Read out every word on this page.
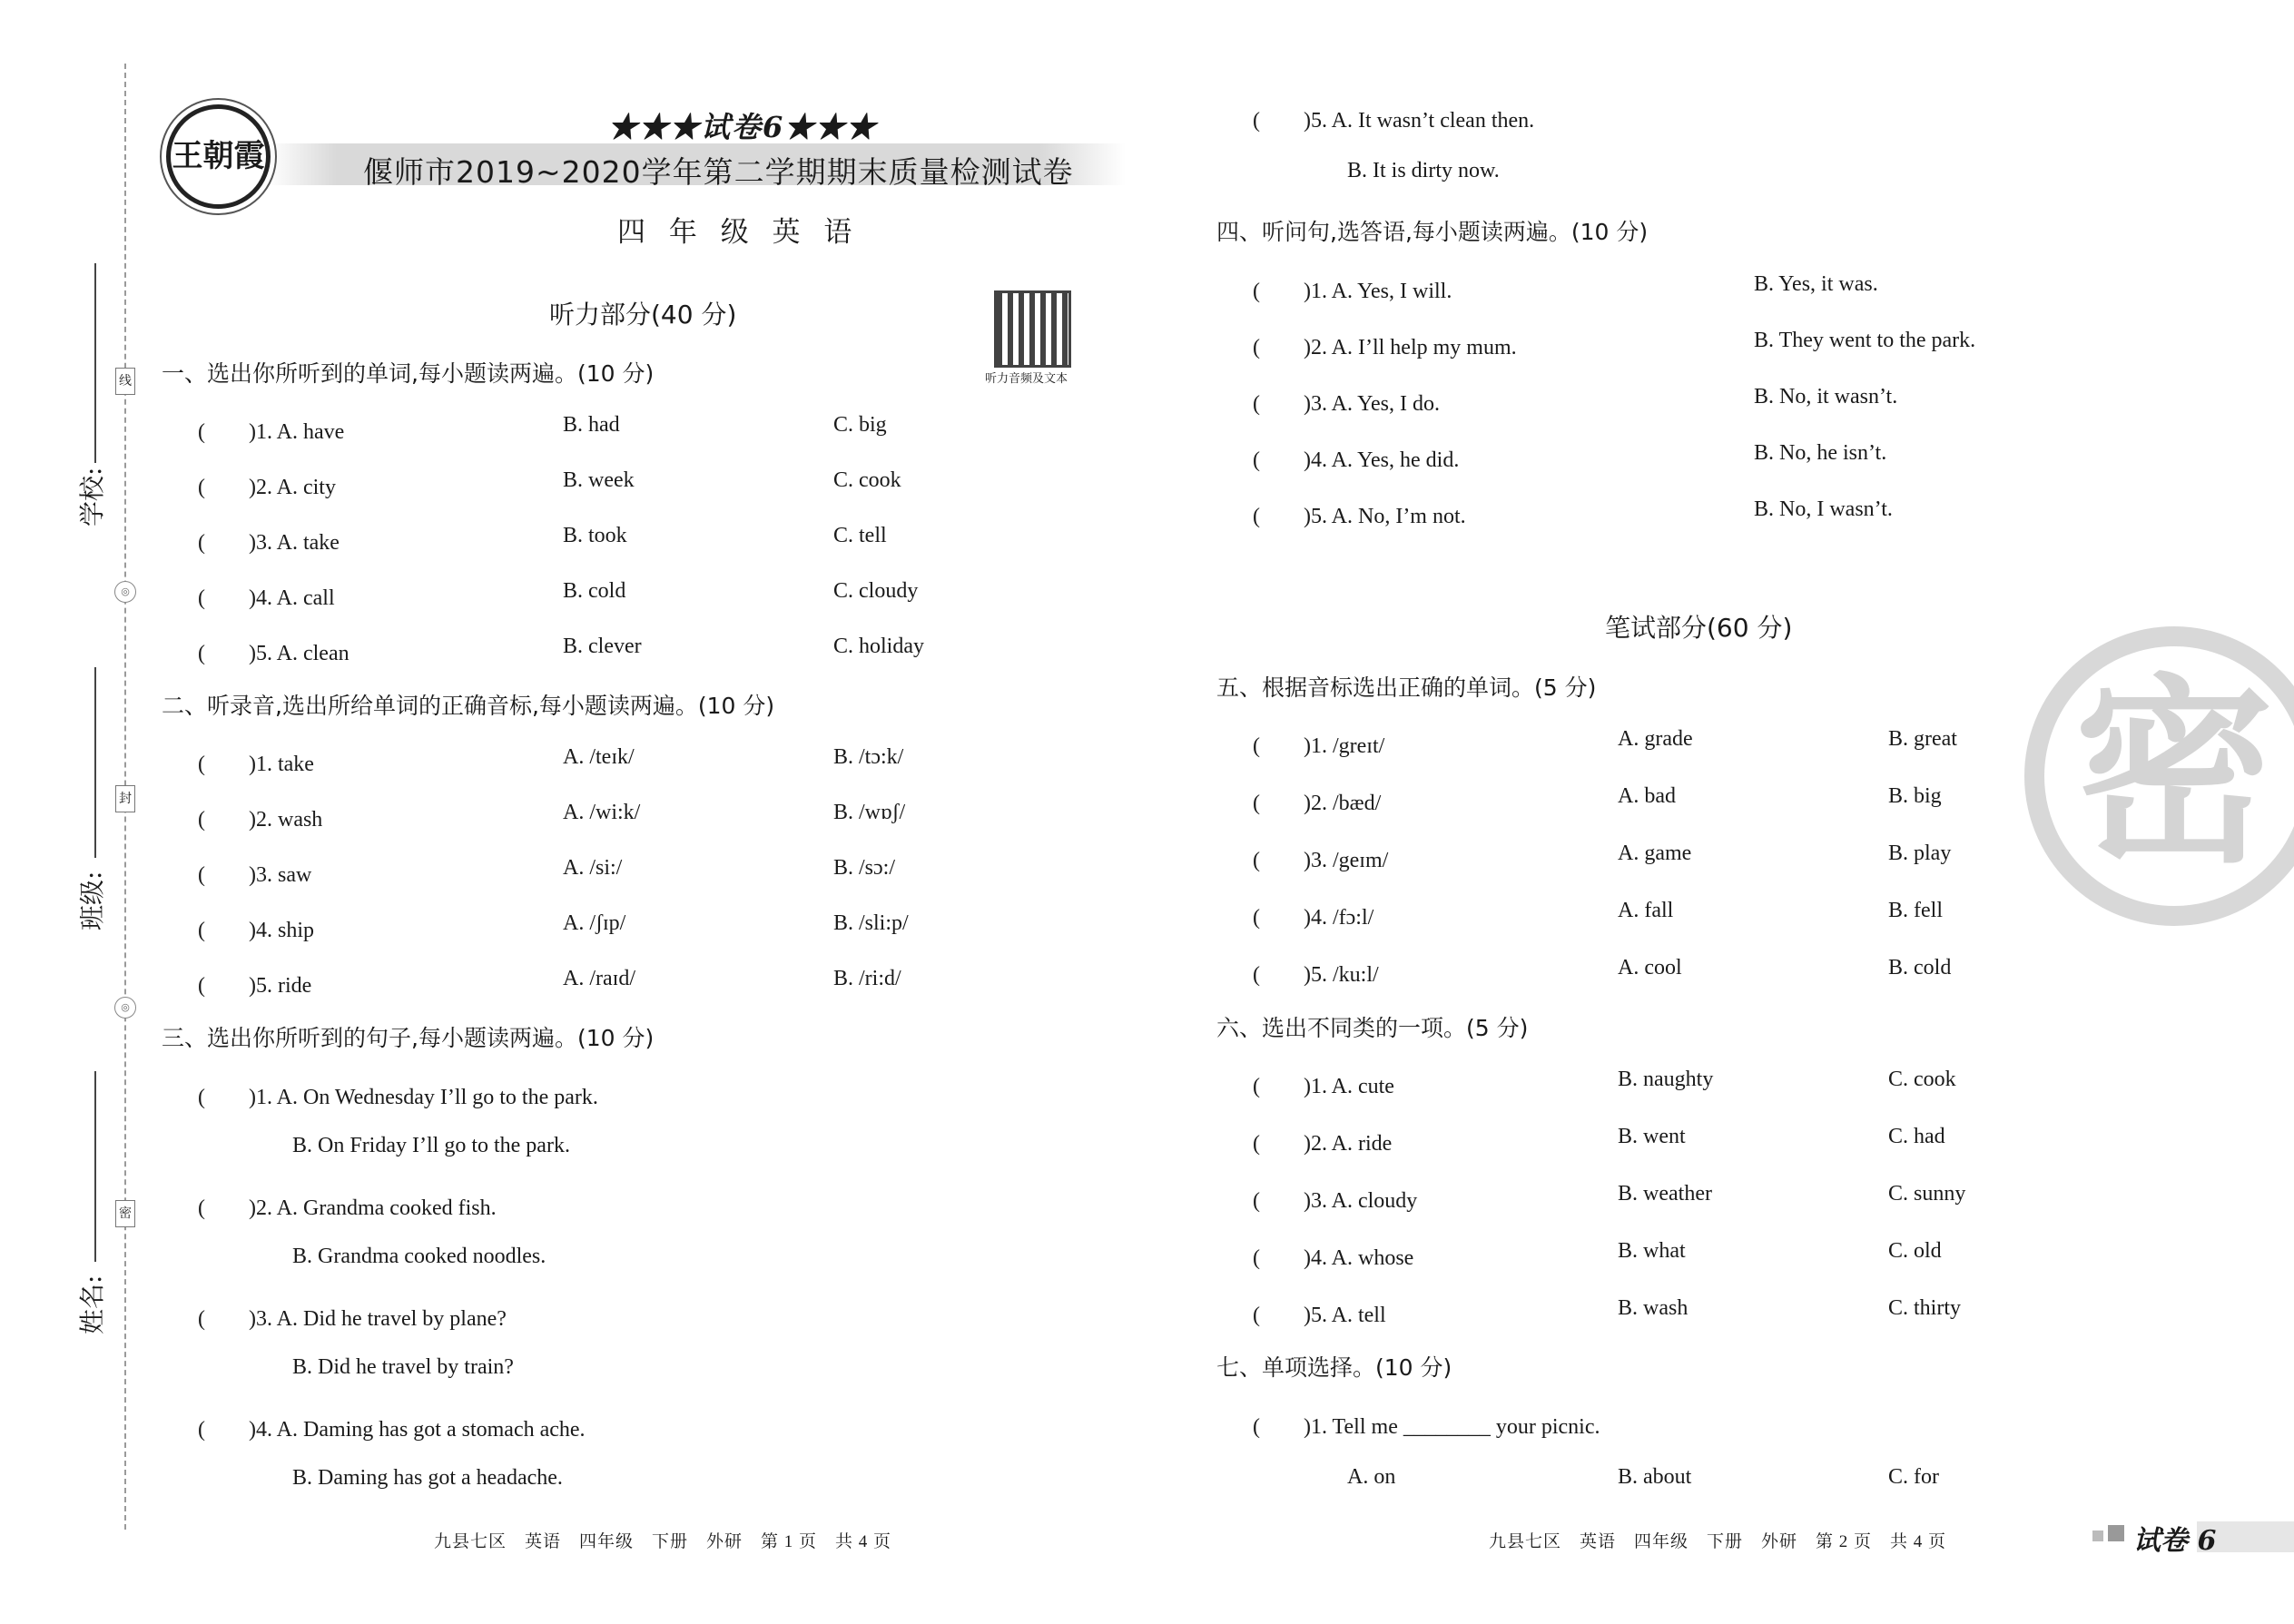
线
◎
封
◎
密
学校:
班级:
姓名:
王朝霞
★★★试卷6★★★
偃师市2019~2020学年第二学期期末质量检测试卷
四 年 级 英 语
听力部分(40 分)
听力音频及文本
一、选出你所听到的单词,每小题读两遍。(10 分)
(　　)1. A. have	B. had	C. big
(　　)2. A. city	B. week	C. cook
(　　)3. A. take	B. took	C. tell
(　　)4. A. call	B. cold	C. cloudy
(　　)5. A. clean	B. clever	C. holiday
二、听录音,选出所给单词的正确音标,每小题读两遍。(10 分)
(　　)1. take	A. /teɪk/	B. /tɔ:k/
(　　)2. wash	A. /wi:k/	B. /wɒʃ/
(　　)3. saw	A. /si:/	B. /sɔ:/
(　　)4. ship	A. /ʃɪp/	B. /sli:p/
(　　)5. ride	A. /raɪd/	B. /ri:d/
三、选出你所听到的句子,每小题读两遍。(10 分)
(　　)1. A. On Wednesday I’ll go to the park.
B. On Friday I’ll go to the park.
(　　)2. A. Grandma cooked fish.
B. Grandma cooked noodles.
(　　)3. A. Did he travel by plane?
B. Did he travel by train?
(　　)4. A. Daming has got a stomach ache.
B. Daming has got a headache.
九县七区　英语　四年级　下册　外研　第 1 页　共 4 页
(　　)5. A. It wasn’t clean then.
B. It is dirty now.
四、听问句,选答语,每小题读两遍。(10 分)
(　　)1. A. Yes, I will.	B. Yes, it was.
(　　)2. A. I’ll help my mum.	B. They went to the park.
(　　)3. A. Yes, I do.	B. No, it wasn’t.
(　　)4. A. Yes, he did.	B. No, he isn’t.
(　　)5. A. No, I’m not.	B. No, I wasn’t.
笔试部分(60 分)
五、根据音标选出正确的单词。(5 分)
(　　)1. /greɪt/	A. grade	B. great
(　　)2. /bæd/	A. bad	B. big
(　　)3. /geɪm/	A. game	B. play
(　　)4. /fɔ:l/	A. fall	B. fell
(　　)5. /ku:l/	A. cool	B. cold
六、选出不同类的一项。(5 分)
(　　)1. A. cute	B. naughty	C. cook
(　　)2. A. ride	B. went	C. had
(　　)3. A. cloudy	B. weather	C. sunny
(　　)4. A. whose	B. what	C. old
(　　)5. A. tell	B. wash	C. thirty
七、单项选择。(10 分)
(　　)1. Tell me ________ your picnic.
A. on	B. about	C. for
九县七区　英语　四年级　下册　外研　第 2 页　共 4 页
密
试卷 6
